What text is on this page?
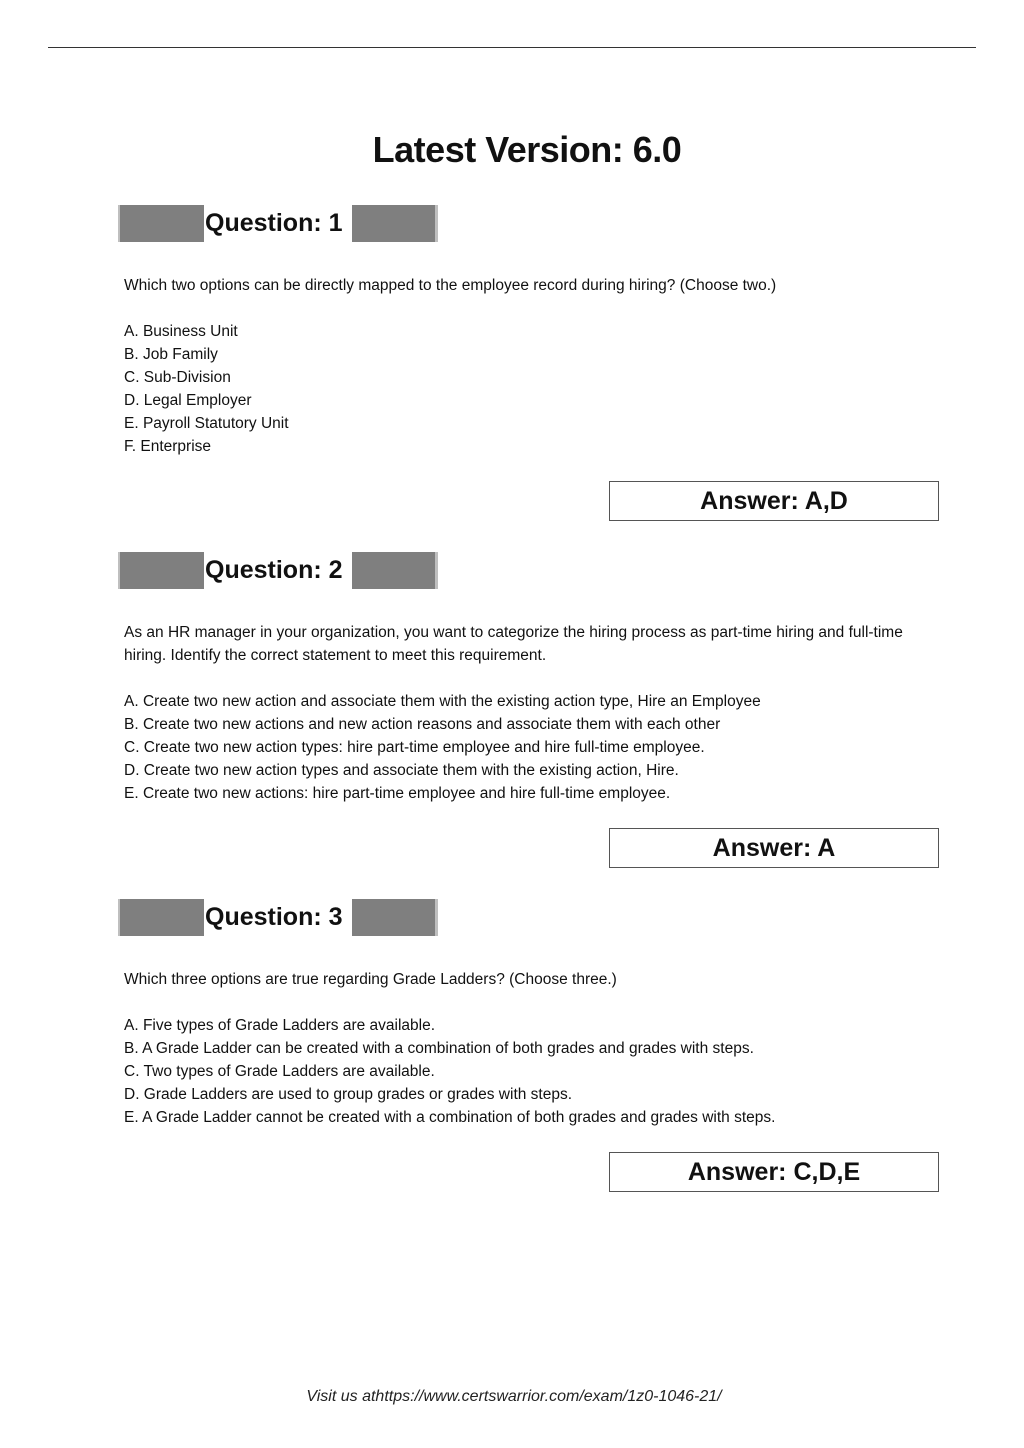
Latest Version: 6.0
Question: 1

Which two options can be directly mapped to the employee record during hiring? (Choose two.)

A. Business Unit
B. Job Family
C. Sub-Division
D. Legal Employer
E. Payroll Statutory Unit
F. Enterprise
Answer: A,D
Question: 2

As an HR manager in your organization, you want to categorize the hiring process as part-time hiring and full-time hiring. Identify the correct statement to meet this requirement.

A. Create two new action and associate them with the existing action type, Hire an Employee
B. Create two new actions and new action reasons and associate them with each other
C. Create two new action types: hire part-time employee and hire full-time employee.
D. Create two new action types and associate them with the existing action, Hire.
E. Create two new actions: hire part-time employee and hire full-time employee.
Answer: A
Question: 3

Which three options are true regarding Grade Ladders? (Choose three.)

A. Five types of Grade Ladders are available.
B. A Grade Ladder can be created with a combination of both grades and grades with steps.
C. Two types of Grade Ladders are available.
D. Grade Ladders are used to group grades or grades with steps.
E. A Grade Ladder cannot be created with a combination of both grades and grades with steps.
Answer: C,D,E
Visit us athttps://www.certswarrior.com/exam/1z0-1046-21/
